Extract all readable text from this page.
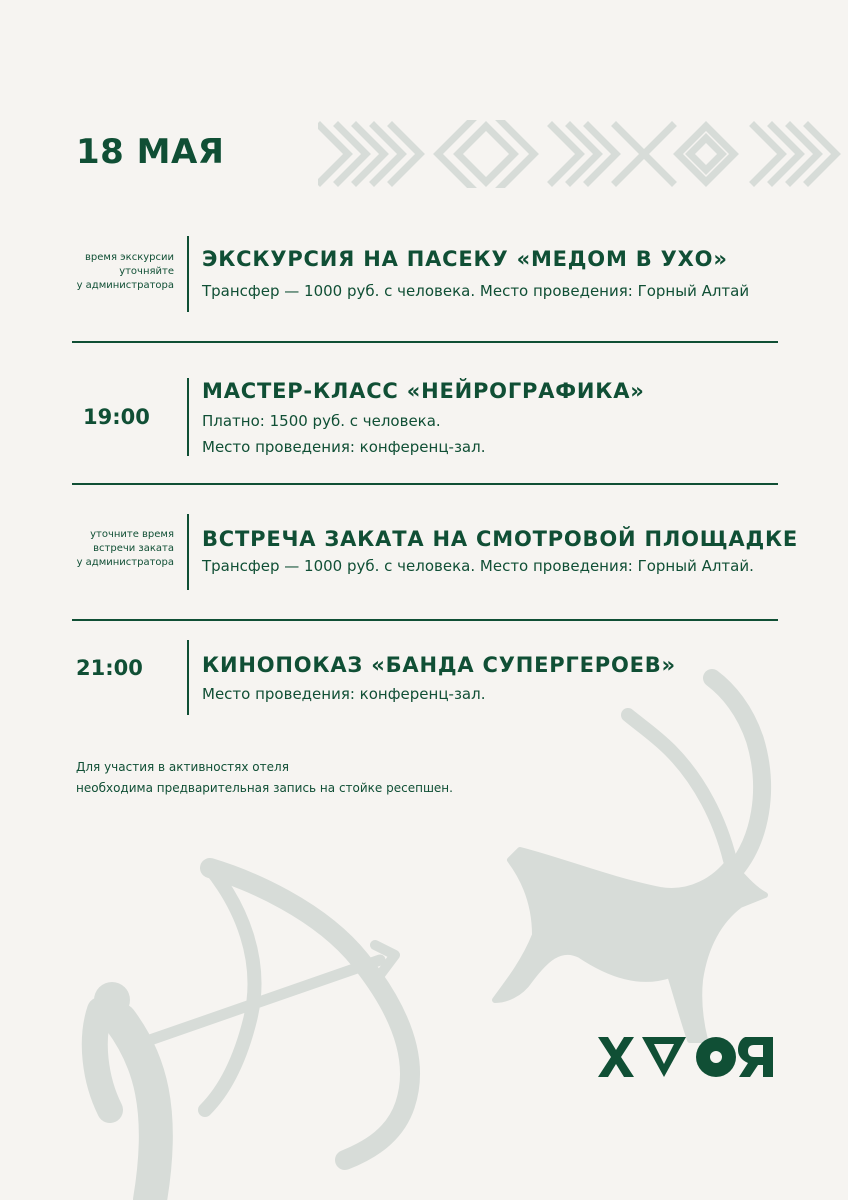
18 МАЯ
время экскурсии
уточняйте
у администратора
ЭКСКУРСИЯ НА ПАСЕКУ «МЕДОМ В УХО»
Трансфер — 1000 руб. с человека. Место проведения: Горный Алтай
19:00
МАСТЕР-КЛАСС «НЕЙРОГРАФИКА»
Платно: 1500 руб. с человека.
Место проведения: конференц-зал.
уточните время
встречи заката
у администратора
ВСТРЕЧА ЗАКАТА НА СМОТРОВОЙ ПЛОЩАДКЕ
Трансфер — 1000 руб. с человека. Место проведения: Горный Алтай.
21:00	КИНОПОКАЗ «БАНДА СУПЕРГЕРОЕВ»
Место проведения: конференц-зал.
Для участия в активностях отеля
необходима предварительная запись на стойке ресепшен.
